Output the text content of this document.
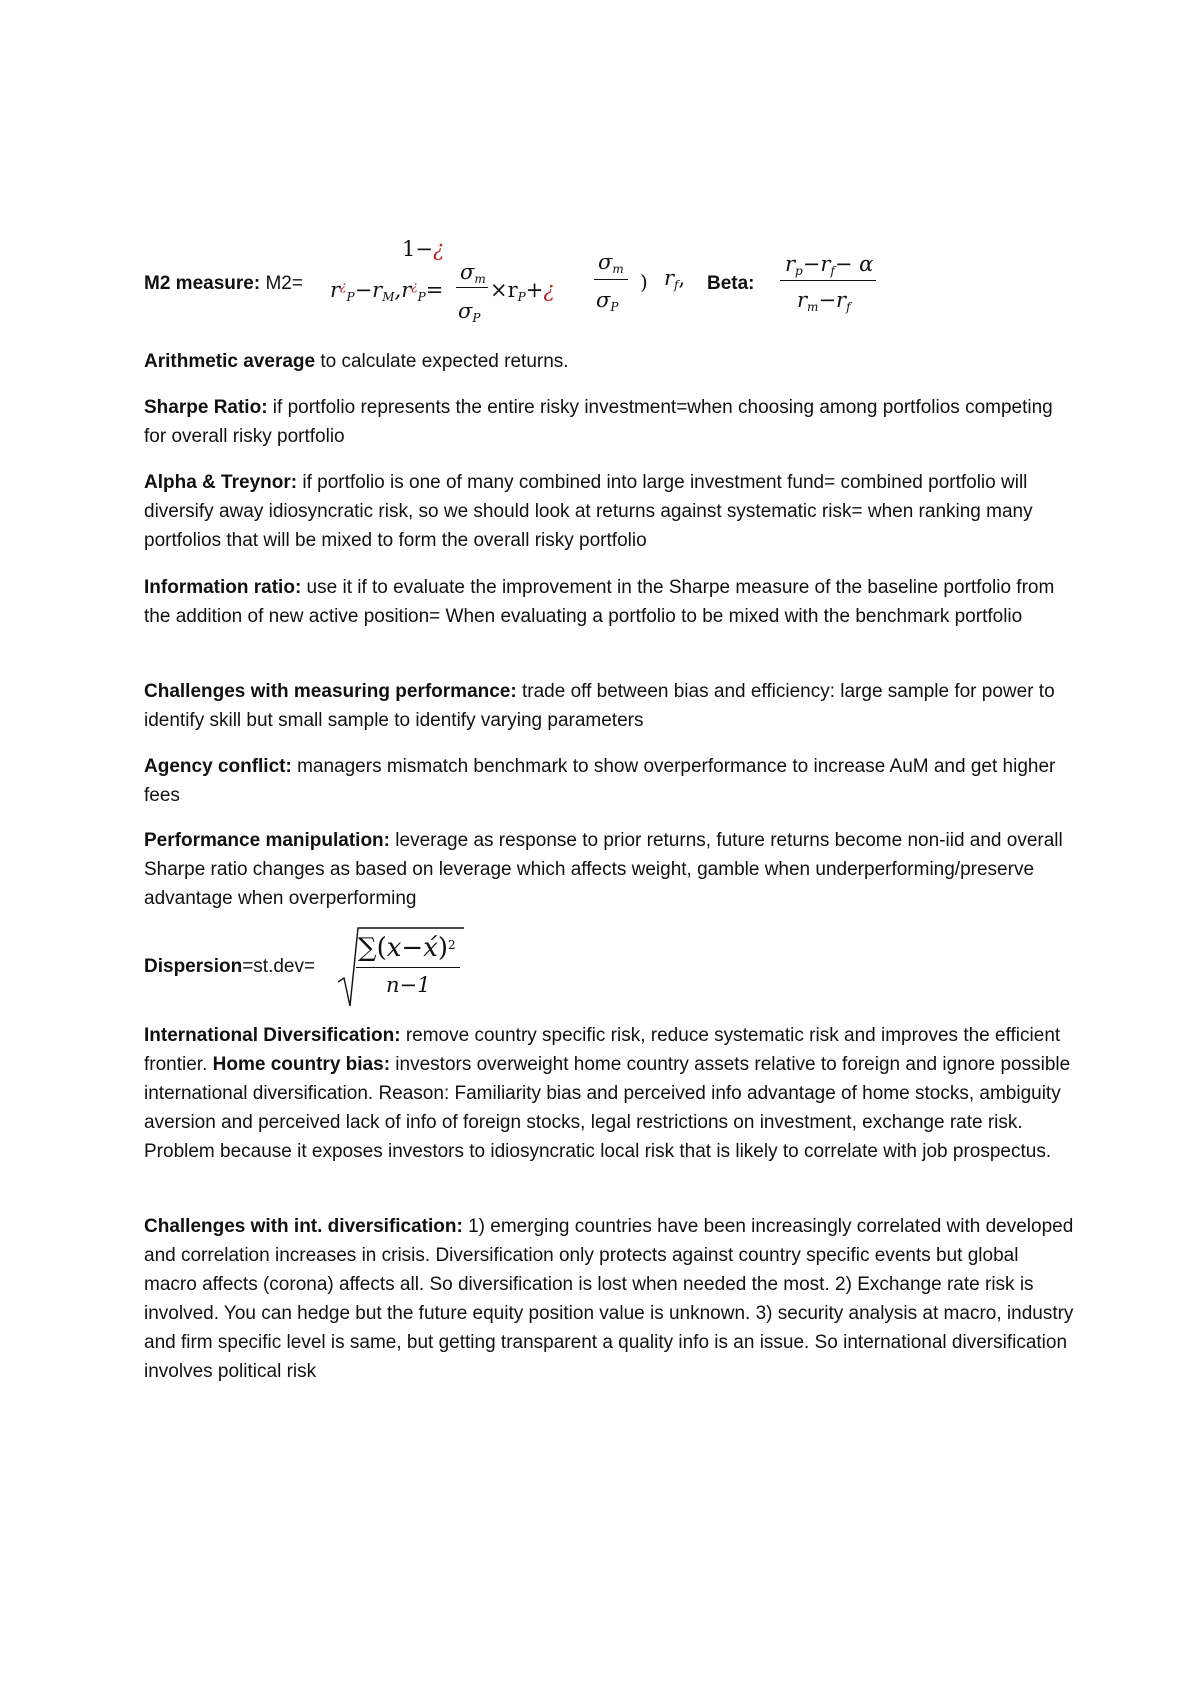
M2 measure: M2=
1−¿
$r^¿_P-r_M,r^¿_P=$
$\sigma_m$
$\sigma_P$
$\times r_P+¿$
$\sigma_m$
$\sigma_P$
) $r_f$, Beta:
$r_p-r_f- \alpha$
$r_m-r_f$

Arithmetic average to calculate expected returns.

Sharpe Ratio: if portfolio represents the entire risky investment=when choosing among portfolios competing for overall risky portfolio

Alpha & Treynor: if portfolio is one of many combined into large investment fund= combined portfolio will diversify away idiosyncratic risk, so we should look at returns against systematic risk= when ranking many portfolios that will be mixed to form the overall risky portfolio

Information ratio: use it if to evaluate the improvement in the Sharpe measure of the baseline portfolio from the addition of new active position= When evaluating a portfolio to be mixed with the benchmark portfolio

Challenges with measuring performance: trade off between bias and efficiency: large sample for power to identify skill but small sample to identify varying parameters

Agency conflict: managers mismatch benchmark to show overperformance to increase AuM and get higher fees

Performance manipulation: leverage as response to prior returns, future returns become non-iid and overall Sharpe ratio changes as based on leverage which affects weight, gamble when underperforming/preserve advantage when overperforming

Dispersion=st.dev=
∑(x−x́)$^2$
n−1

International Diversification: remove country specific risk, reduce systematic risk and improves the efficient frontier. Home country bias: investors overweight home country assets relative to foreign and ignore possible international diversification. Reason: Familiarity bias and perceived info advantage of home stocks, ambiguity aversion and perceived lack of info of foreign stocks, legal restrictions on investment, exchange rate risk. Problem because it exposes investors to idiosyncratic local risk that is likely to correlate with job prospectus.

Challenges with int. diversification: 1) emerging countries have been increasingly correlated with developed and correlation increases in crisis. Diversification only protects against country specific events but global macro affects (corona) affects all. So diversification is lost when needed the most. 2) Exchange rate risk is involved. You can hedge but the future equity position value is unknown. 3) security analysis at macro, industry and firm specific level is same, but getting transparent a quality info is an issue. So international diversification involves political risk
